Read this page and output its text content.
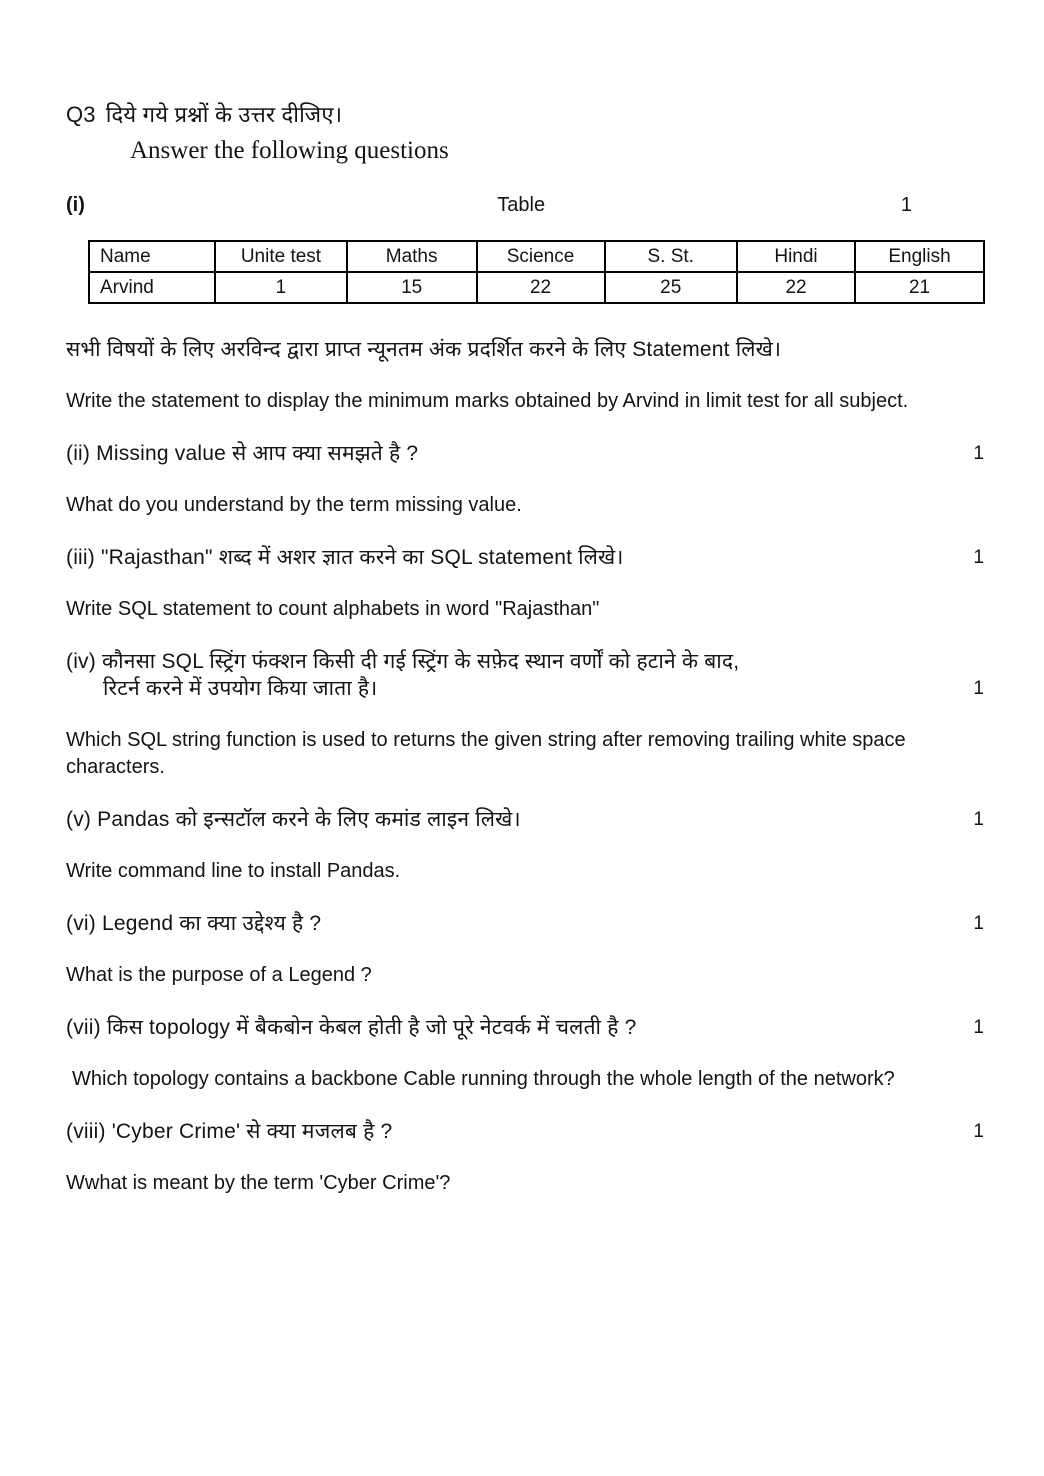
Q3 दिये गये प्रश्नों के उत्तर दीजिए।

Answer the following questions

(i)	Table	1
Name	Unite test	Maths	Science	S. St.	Hindi	English
Arvind	1	15	22	25	22	21

सभी विषयों के लिए अरविन्द द्वारा प्राप्त न्यूनतम अंक प्रदर्शित करने के लिए Statement लिखे।

Write the statement to display the minimum marks obtained by Arvind in limit test for all subject.

(ii) Missing value से आप क्या समझते है ?	1

What do you understand by the term missing value.

(iii) "Rajasthan" शब्द में अशर ज्ञात करने का SQL statement लिखे।	1

Write SQL statement to count alphabets in word "Rajasthan"

(iv) कौनसा SQL स्ट्रिंग फंक्शन किसी दी गई स्ट्रिंग के सफ़ेद स्थान वर्णों को हटाने के बाद,

रिटर्न करने में उपयोग किया जाता है।	1

Which SQL string function is used to returns the given string after removing trailing white space characters.

(v) Pandas को इन्सटॉल करने के लिए कमांड लाइन लिखे।	1

Write command line to install Pandas.

(vi) Legend का क्या उद्देश्य है ?	1

What is the purpose of a Legend ?

(vii) किस topology में बैकबोन केबल होती है जो पूरे नेटवर्क में चलती है ?	1

Which topology contains a backbone Cable running through the whole length of the network?

(viii) 'Cyber Crime' से क्या मजलब है ?	1

Wwhat is meant by the term 'Cyber Crime'?
